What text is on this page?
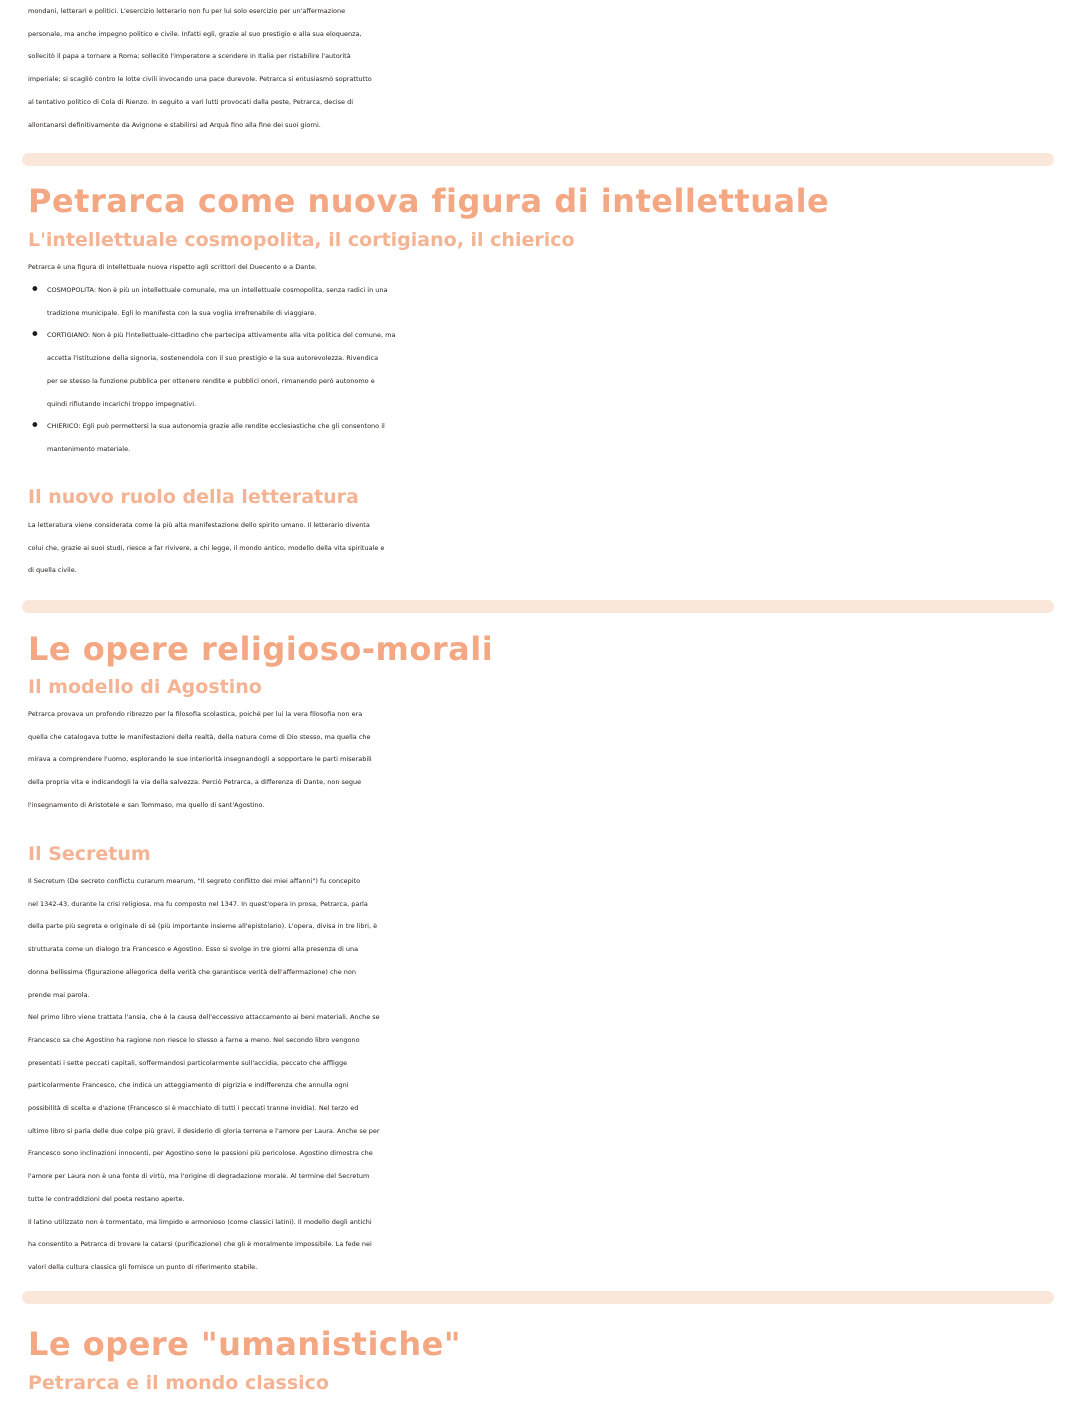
mondani, letterari e politici. L'esercizio letterario non fu per lui solo esercizio per un'affermazione
personale, ma anche impegno politico e civile. Infatti egli, grazie al suo prestigio e alla sua eloquenza,
sollecitò il papa a tornare a Roma; sollecitò l'imperatore a scendere in Italia per ristabilire l'autorità
imperiale; si scagliò contro le lotte civili invocando una pace durevole. Petrarca si entusiasmò soprattutto
al tentativo politico di Cola di Rienzo. In seguito a vari lutti provocati dalla peste, Petrarca, decise di
allontanarsi definitivamente da Avignone e stabilirsi ad Arquà fino alla fine dei suoi giorni.
Petrarca come nuova figura di intellettuale
L'intellettuale cosmopolita, il cortigiano, il chierico
Petrarca è una figura di intellettuale nuova rispetto agli scrittori del Duecento e a Dante.
• COSMOPOLITA: Non è più un intellettuale comunale, ma un intellettuale cosmopolita, senza radici in una
tradizione municipale. Egli lo manifesta con la sua voglia irrefrenabile di viaggiare.
• CORTIGIANO: Non è più l'intellettuale-cittadino che partecipa attivamente alla vita politica del comune, ma
accetta l'istituzione della signoria, sostenendola con il suo prestigio e la sua autorevolezza. Rivendica
per se stesso la funzione pubblica per ottenere rendite e pubblici onori, rimanendo però autonomo e
quindi rifiutando incarichi troppo impegnativi.
• CHIERICO: Egli può permettersi la sua autonomia grazie alle rendite ecclesiastiche che gli consentono il
mantenimento materiale.
Il nuovo ruolo della letteratura
La letteratura viene considerata come la più alta manifestazione dello spirito umano. Il letterario diventa
colui che, grazie ai suoi studi, riesce a far rivivere, a chi legge, il mondo antico, modello della vita spirituale e
di quella civile.
Le opere religioso-morali
Il modello di Agostino
Petrarca provava un profondo ribrezzo per la filosofia scolastica, poiché per lui la vera filosofia non era
quella che catalogava tutte le manifestazioni della realtà, della natura come di Dio stesso, ma quella che
mirava a comprendere l'uomo, esplorando le sue interiorità insegnandogli a sopportare le parti miserabili
della propria vita e indicandogli la via della salvezza. Perciò Petrarca, a differenza di Dante, non segue
l'insegnamento di Aristotele e san Tommaso, ma quello di sant'Agostino.
Il Secretum
Il Secretum (De secreto conflictu curarum mearum, "Il segreto conflitto dei miei affanni") fu concepito
nel 1342-43, durante la crisi religiosa, ma fu composto nel 1347. In quest'opera in prosa, Petrarca, parla
della parte più segreta e originale di sé (più importante insieme all'epistolario). L'opera, divisa in tre libri, è
strutturata come un dialogo tra Francesco e Agostino. Esso si svolge in tre giorni alla presenza di una
donna bellissima (figurazione allegorica della verità che garantisce verità dell'affermazione) che non
prende mai parola.
Nel primo libro viene trattata l'ansia, che è la causa dell'eccessivo attaccamento ai beni materiali. Anche se
Francesco sa che Agostino ha ragione non riesce lo stesso a farne a meno. Nel secondo libro vengono
presentati i sette peccati capitali, soffermandosi particolarmente sull'accidia, peccato che affligge
particolarmente Francesco, che indica un atteggiamento di pigrizia e indifferenza che annulla ogni
possibilità di scelta e d'azione (Francesco si è macchiato di tutti i peccati tranne invidia). Nel terzo ed
ultimo libro si parla delle due colpe più gravi, il desiderio di gloria terrena e l'amore per Laura. Anche se per
Francesco sono inclinazioni innocenti, per Agostino sono le passioni più pericolose. Agostino dimostra che
l'amore per Laura non è una fonte di virtù, ma l'origine di degradazione morale. Al termine del Secretum
tutte le contraddizioni del poeta restano aperte.
Il latino utilizzato non è tormentato, ma limpido e armonioso (come classici latini). Il modello degli antichi
ha consentito a Petrarca di trovare la catarsi (purificazione) che gli è moralmente impossibile. La fede nei
valori della cultura classica gli fornisce un punto di riferimento stabile.
Le opere "umanistiche"
Petrarca e il mondo classico
